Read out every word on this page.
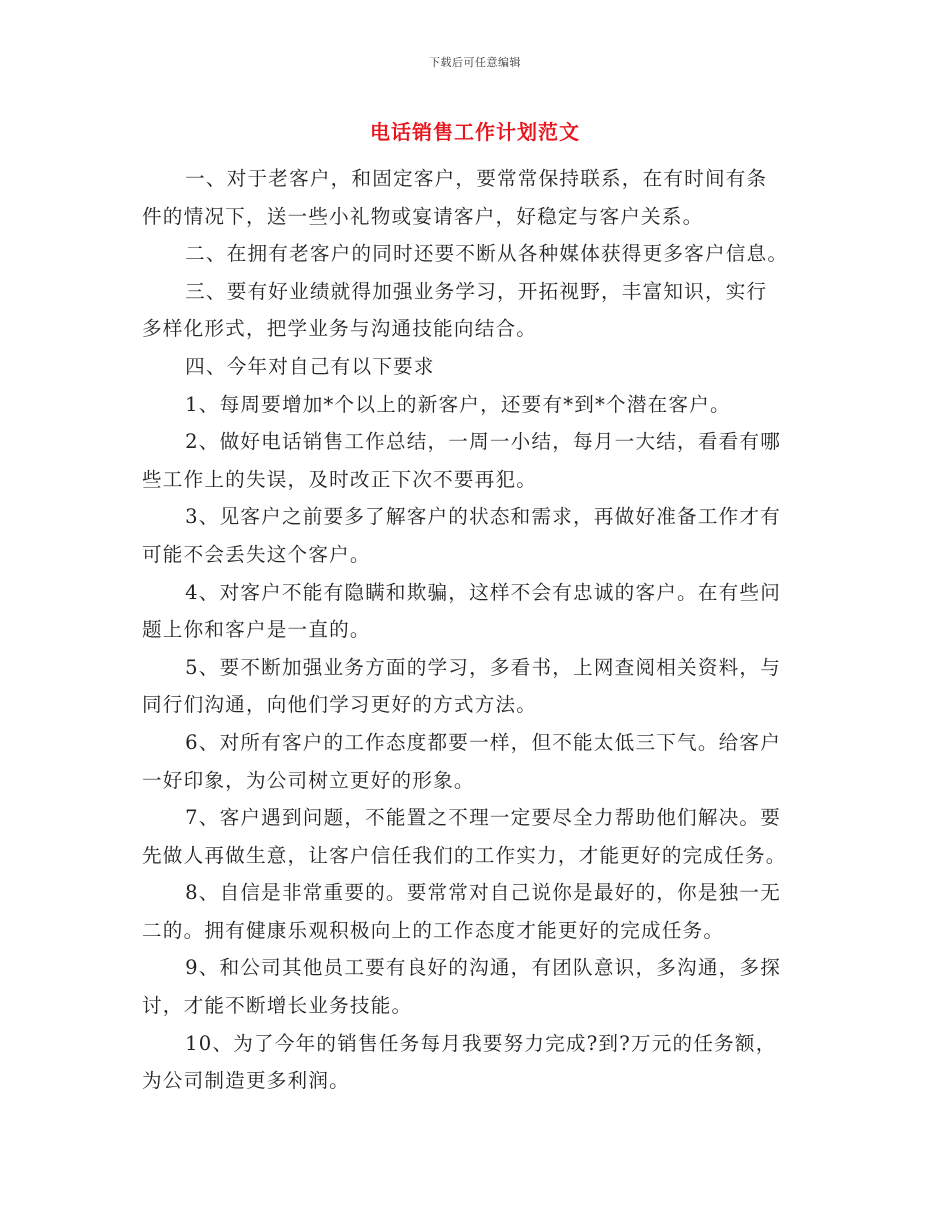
下载后可任意编辑
电话销售工作计划范文
一、对于老客户，和固定客户，要常常保持联系，在有时间有条
件的情况下，送一些小礼物或宴请客户，好稳定与客户关系。
二、在拥有老客户的同时还要不断从各种媒体获得更多客户信息。
三、要有好业绩就得加强业务学习，开拓视野，丰富知识，实行
多样化形式，把学业务与沟通技能向结合。
四、今年对自己有以下要求
1、每周要增加*个以上的新客户，还要有*到*个潜在客户。
2、做好电话销售工作总结，一周一小结，每月一大结，看看有哪
些工作上的失误，及时改正下次不要再犯。
3、见客户之前要多了解客户的状态和需求，再做好准备工作才有
可能不会丢失这个客户。
4、对客户不能有隐瞒和欺骗，这样不会有忠诚的客户。在有些问
题上你和客户是一直的。
5、要不断加强业务方面的学习，多看书，上网查阅相关资料，与
同行们沟通，向他们学习更好的方式方法。
6、对所有客户的工作态度都要一样，但不能太低三下气。给客户
一好印象，为公司树立更好的形象。
7、客户遇到问题，不能置之不理一定要尽全力帮助他们解决。要
先做人再做生意，让客户信任我们的工作实力，才能更好的完成任务。
8、自信是非常重要的。要常常对自己说你是最好的，你是独一无
二的。拥有健康乐观积极向上的工作态度才能更好的完成任务。
9、和公司其他员工要有良好的沟通，有团队意识，多沟通，多探
讨，才能不断增长业务技能。
10、为了今年的销售任务每月我要努力完成?到?万元的任务额，
为公司制造更多利润。
